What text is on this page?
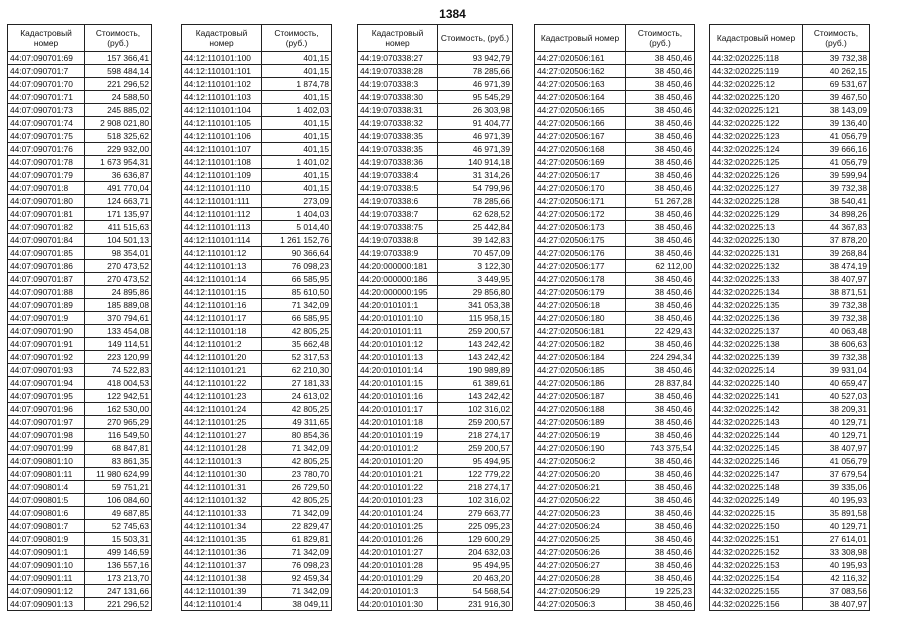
1384
Кадастровый номер	Стоимость, (руб.)
44:07:090701:69	157 366,41
44:07:090701:7	598 484,14
44:07:090701:70	221 296,52
44:07:090701:71	24 588,50
44:07:090701:73	245 885,02
44:07:090701:74	2 908 021,80
44:07:090701:75	518 325,62
44:07:090701:76	229 932,00
44:07:090701:78	1 673 954,31
44:07:090701:79	36 636,87
44:07:090701:8	491 770,04
44:07:090701:80	124 663,71
44:07:090701:81	171 135,97
44:07:090701:82	411 515,63
44:07:090701:84	104 501,13
44:07:090701:85	98 354,01
44:07:090701:86	270 473,52
44:07:090701:87	270 473,52
44:07:090701:88	24 895,86
44:07:090701:89	185 889,08
44:07:090701:9	370 794,61
44:07:090701:90	133 454,08
44:07:090701:91	149 114,51
44:07:090701:92	223 120,99
44:07:090701:93	74 522,83
44:07:090701:94	418 004,53
44:07:090701:95	122 942,51
44:07:090701:96	162 530,00
44:07:090701:97	270 965,29
44:07:090701:98	116 549,50
44:07:090701:99	68 847,81
44:07:090801:10	83 861,35
44:07:090801:11	11 980 624,99
44:07:090801:4	59 751,21
44:07:090801:5	106 084,60
44:07:090801:6	49 687,85
44:07:090801:7	52 745,63
44:07:090801:9	15 503,31
44:07:090901:1	499 146,59
44:07:090901:10	136 557,16
44:07:090901:11	173 213,70
44:07:090901:12	247 131,66
44:07:090901:13	221 296,52
Кадастровый номер	Стоимость, (руб.)
44:12:110101:100	401,15
44:12:110101:101	401,15
44:12:110101:102	1 874,78
44:12:110101:103	401,15
44:12:110101:104	1 402,03
44:12:110101:105	401,15
44:12:110101:106	401,15
44:12:110101:107	401,15
44:12:110101:108	1 401,02
44:12:110101:109	401,15
44:12:110101:110	401,15
44:12:110101:111	273,09
44:12:110101:112	1 404,03
44:12:110101:113	5 014,40
44:12:110101:114	1 261 152,76
44:12:110101:12	90 366,64
44:12:110101:13	76 098,23
44:12:110101:14	66 585,95
44:12:110101:15	85 610,50
44:12:110101:16	71 342,09
44:12:110101:17	66 585,95
44:12:110101:18	42 805,25
44:12:110101:2	35 662,48
44:12:110101:20	52 317,53
44:12:110101:21	62 210,30
44:12:110101:22	27 181,33
44:12:110101:23	24 613,02
44:12:110101:24	42 805,25
44:12:110101:25	49 311,65
44:12:110101:27	80 854,36
44:12:110101:28	71 342,09
44:12:110101:3	42 805,25
44:12:110101:30	23 780,70
44:12:110101:31	26 729,50
44:12:110101:32	42 805,25
44:12:110101:33	71 342,09
44:12:110101:34	22 829,47
44:12:110101:35	61 829,81
44:12:110101:36	71 342,09
44:12:110101:37	76 098,23
44:12:110101:38	92 459,34
44:12:110101:39	71 342,09
44:12:110101:4	38 049,11
Кадастровый номер	Стоимость, (руб.)
44:19:070338:27	93 942,79
44:19:070338:28	78 285,66
44:19:070338:3	46 971,39
44:19:070338:30	95 545,29
44:19:070338:31	26 303,98
44:19:070338:32	91 404,77
44:19:070338:35	46 971,39
44:19:070338:35	46 971,39
44:19:070338:36	140 914,18
44:19:070338:4	31 314,26
44:19:070338:5	54 799,96
44:19:070338:6	78 285,66
44:19:070338:7	62 628,52
44:19:070338:75	25 442,84
44:19:070338:8	39 142,83
44:19:070338:9	70 457,09
44:20:000000:181	3 122,30
44:20:000000:186	3 449,95
44:20:000000:195	29 856,80
44:20:010101:1	341 053,38
44:20:010101:10	115 958,15
44:20:010101:11	259 200,57
44:20:010101:12	143 242,42
44:20:010101:13	143 242,42
44:20:010101:14	190 989,89
44:20:010101:15	61 389,61
44:20:010101:16	143 242,42
44:20:010101:17	102 316,02
44:20:010101:18	259 200,57
44:20:010101:19	218 274,17
44:20:010101:2	259 200,57
44:20:010101:20	95 494,95
44:20:010101:21	122 779,22
44:20:010101:22	218 274,17
44:20:010101:23	102 316,02
44:20:010101:24	279 663,77
44:20:010101:25	225 095,23
44:20:010101:26	129 600,29
44:20:010101:27	204 632,03
44:20:010101:28	95 494,95
44:20:010101:29	20 463,20
44:20:010101:3	54 568,54
44:20:010101:30	231 916,30
Кадастровый номер	Стоимость, (руб.)
44:27:020506:161	38 450,46
44:27:020506:162	38 450,46
44:27:020506:163	38 450,46
44:27:020506:164	38 450,46
44:27:020506:165	38 450,46
44:27:020506:166	38 450,46
44:27:020506:167	38 450,46
44:27:020506:168	38 450,46
44:27:020506:169	38 450,46
44:27:020506:17	38 450,46
44:27:020506:170	38 450,46
44:27:020506:171	51 267,28
44:27:020506:172	38 450,46
44:27:020506:173	38 450,46
44:27:020506:175	38 450,46
44:27:020506:176	38 450,46
44:27:020506:177	62 112,00
44:27:020506:178	38 450,46
44:27:020506:179	38 450,46
44:27:020506:18	38 450,46
44:27:020506:180	38 450,46
44:27:020506:181	22 429,43
44:27:020506:182	38 450,46
44:27:020506:184	224 294,34
44:27:020506:185	38 450,46
44:27:020506:186	28 837,84
44:27:020506:187	38 450,46
44:27:020506:188	38 450,46
44:27:020506:189	38 450,46
44:27:020506:19	38 450,46
44:27:020506:190	743 375,54
44:27:020506:2	38 450,46
44:27:020506:20	38 450,46
44:27:020506:21	38 450,46
44:27:020506:22	38 450,46
44:27:020506:23	38 450,46
44:27:020506:24	38 450,46
44:27:020506:25	38 450,46
44:27:020506:26	38 450,46
44:27:020506:27	38 450,46
44:27:020506:28	38 450,46
44:27:020506:29	19 225,23
44:27:020506:3	38 450,46
Кадастровый номер	Стоимость, (руб.)
44:32:020225:118	39 732,38
44:32:020225:119	40 262,15
44:32:020225:12	69 531,67
44:32:020225:120	39 467,50
44:32:020225:121	38 143,09
44:32:020225:122	39 136,40
44:32:020225:123	41 056,79
44:32:020225:124	39 666,16
44:32:020225:125	41 056,79
44:32:020225:126	39 599,94
44:32:020225:127	39 732,38
44:32:020225:128	38 540,41
44:32:020225:129	34 898,26
44:32:020225:13	44 367,83
44:32:020225:130	37 878,20
44:32:020225:131	39 268,84
44:32:020225:132	38 474,19
44:32:020225:133	38 407,97
44:32:020225:134	38 871,51
44:32:020225:135	39 732,38
44:32:020225:136	39 732,38
44:32:020225:137	40 063,48
44:32:020225:138	38 606,63
44:32:020225:139	39 732,38
44:32:020225:14	39 931,04
44:32:020225:140	40 659,47
44:32:020225:141	40 527,03
44:32:020225:142	38 209,31
44:32:020225:143	40 129,71
44:32:020225:144	40 129,71
44:32:020225:145	38 407,97
44:32:020225:146	41 056,79
44:32:020225:147	37 679,54
44:32:020225:148	39 335,06
44:32:020225:149	40 195,93
44:32:020225:15	35 891,58
44:32:020225:150	40 129,71
44:32:020225:151	27 614,01
44:32:020225:152	33 308,98
44:32:020225:153	40 195,93
44:32:020225:154	42 116,32
44:32:020225:155	37 083,56
44:32:020225:156	38 407,97
